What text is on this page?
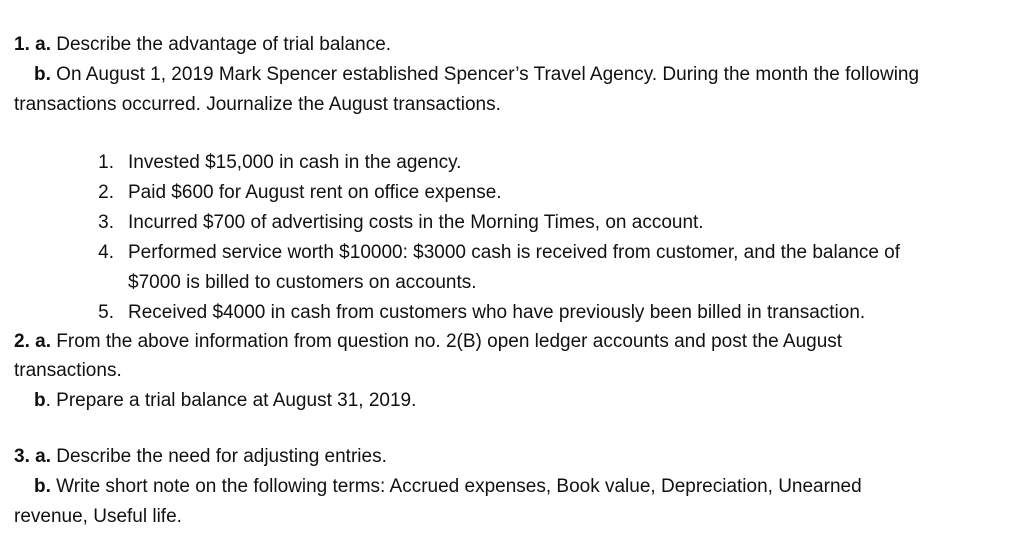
1. a. Describe the advantage of trial balance.
b. On August 1, 2019 Mark Spencer established Spencer’s Travel Agency. During the month the following
transactions occurred. Journalize the August transactions.
1. Invested $15,000 in cash in the agency.
2. Paid $600 for August rent on office expense.
3. Incurred $700 of advertising costs in the Morning Times, on account.
4. Performed service worth $10000: $3000 cash is received from customer, and the balance of
$7000 is billed to customers on accounts.
5. Received $4000 in cash from customers who have previously been billed in transaction.
2. a. From the above information from question no. 2(B) open ledger accounts and post the August
transactions.
b. Prepare a trial balance at August 31, 2019.
3. a. Describe the need for adjusting entries.
b. Write short note on the following terms: Accrued expenses, Book value, Depreciation, Unearned
revenue, Useful life.
